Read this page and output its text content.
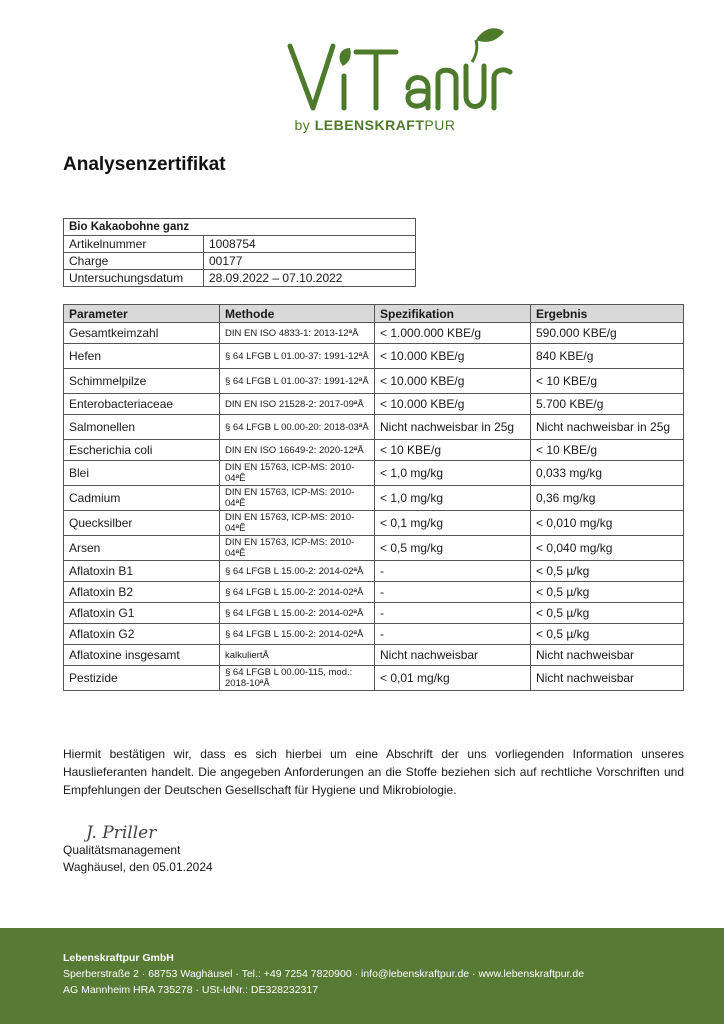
by LEBENSKRAFTPUR
Analysenzertifikat
Bio Kakaobohne ganz	
Artikelnummer	1008754
Charge	00177
Untersuchungsdatum	28.09.2022 – 07.10.2022
Parameter	Methode	Spezifikation	Ergebnis
Gesamtkeimzahl	DIN EN ISO 4833-1: 2013-12ªÅ	< 1.000.000 KBE/g	590.000 KBE/g
Hefen	§ 64 LFGB L 01.00-37: 1991-12ªÅ	< 10.000 KBE/g	840 KBE/g
Schimmelpilze	§ 64 LFGB L 01.00-37: 1991-12ªÅ	< 10.000 KBE/g	< 10 KBE/g
Enterobacteriaceae	DIN EN ISO 21528-2: 2017-09ªÅ	< 10.000 KBE/g	5.700 KBE/g
Salmonellen	§ 64 LFGB L 00.00-20: 2018-03ªÅ	Nicht nachweisbar in 25g	Nicht nachweisbar in 25g
Escherichia coli	DIN EN ISO 16649-2: 2020-12ªÅ	< 10 KBE/g	< 10 KBE/g
Blei	DIN EN 15763, ICP-MS: 2010-04ªÊ	< 1,0 mg/kg	0,033 mg/kg
Cadmium	DIN EN 15763, ICP-MS: 2010-04ªÊ	< 1,0 mg/kg	0,36 mg/kg
Quecksilber	DIN EN 15763, ICP-MS: 2010-04ªÊ	< 0,1 mg/kg	< 0,010 mg/kg
Arsen	DIN EN 15763, ICP-MS: 2010-04ªÊ	< 0,5 mg/kg	< 0,040 mg/kg
Aflatoxin B1	§ 64 LFGB L 15.00-2: 2014-02ªÅ	-	< 0,5 µ/kg
Aflatoxin B2	§ 64 LFGB L 15.00-2: 2014-02ªÅ	-	< 0,5 µ/kg
Aflatoxin G1	§ 64 LFGB L 15.00-2: 2014-02ªÅ	-	< 0,5 µ/kg
Aflatoxin G2	§ 64 LFGB L 15.00-2: 2014-02ªÅ	-	< 0,5 µ/kg
Aflatoxine insgesamt	kalkuliertÅ	Nicht nachweisbar	Nicht nachweisbar
Pestizide	§ 64 LFGB L 00.00-115, mod.: 2018-10ªÅ	< 0,01 mg/kg	Nicht nachweisbar

Hiermit bestätigen wir, dass es sich hierbei um eine Abschrift der uns vorliegenden Information unseres Hauslieferanten handelt. Die angegeben Anforderungen an die Stoffe beziehen sich auf rechtliche Vorschriften und Empfehlungen der Deutschen Gesellschaft für Hygiene und Mikrobiologie.

J. Priller
Qualitätsmanagement
Waghäusel, den 05.01.2024
Lebenskraftpur GmbH
Sperberstraße 2 · 68753 Waghäusel · Tel.: +49 7254 7820900 · info@lebenskraftpur.de · www.lebenskraftpur.de
AG Mannheim HRA 735278 · USt-IdNr.: DE328232317
